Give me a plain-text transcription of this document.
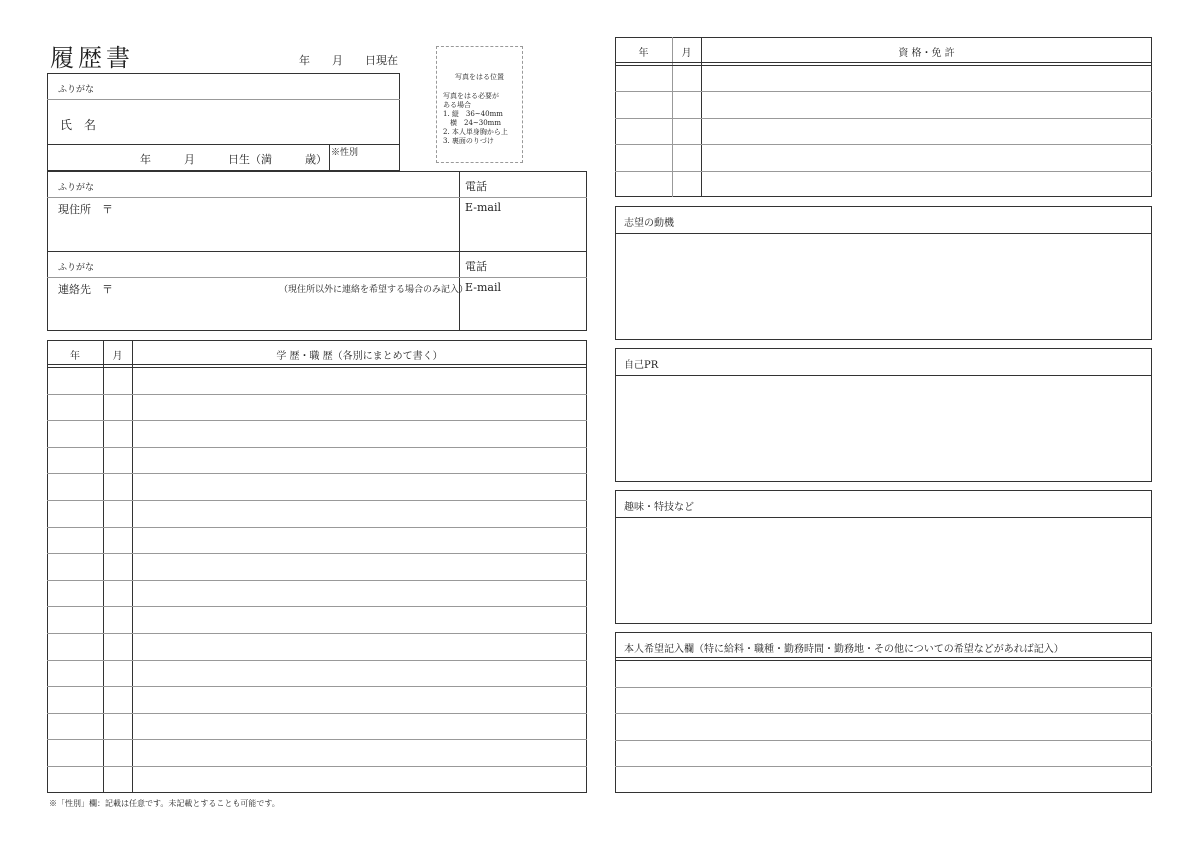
履歴書	年　　月　　日現在
写真をはる位置
写真をはる必要が
ある場合
1. 縦　36~40mm
　横　24~30mm
2. 本人単身胸から上
3. 裏面のりづけ
ふりがな
氏　名
年　　　月　　　日生（満　　　歳） ※性別
ふりがな
現住所　〒
電話
E-mail
ふりがな
連絡先　〒	（現住所以外に連絡を希望する場合のみ記入）
電話
E-mail
年	月	学 歴・職 歴（各別にまとめて書く）
年	月	資 格・免 許
志望の動機
自己PR
趣味・特技など
本人希望記入欄（特に給料・職種・勤務時間・勤務地・その他についての希望などがあれば記入）
※「性別」欄：記載は任意です。未記載とすることも可能です。
